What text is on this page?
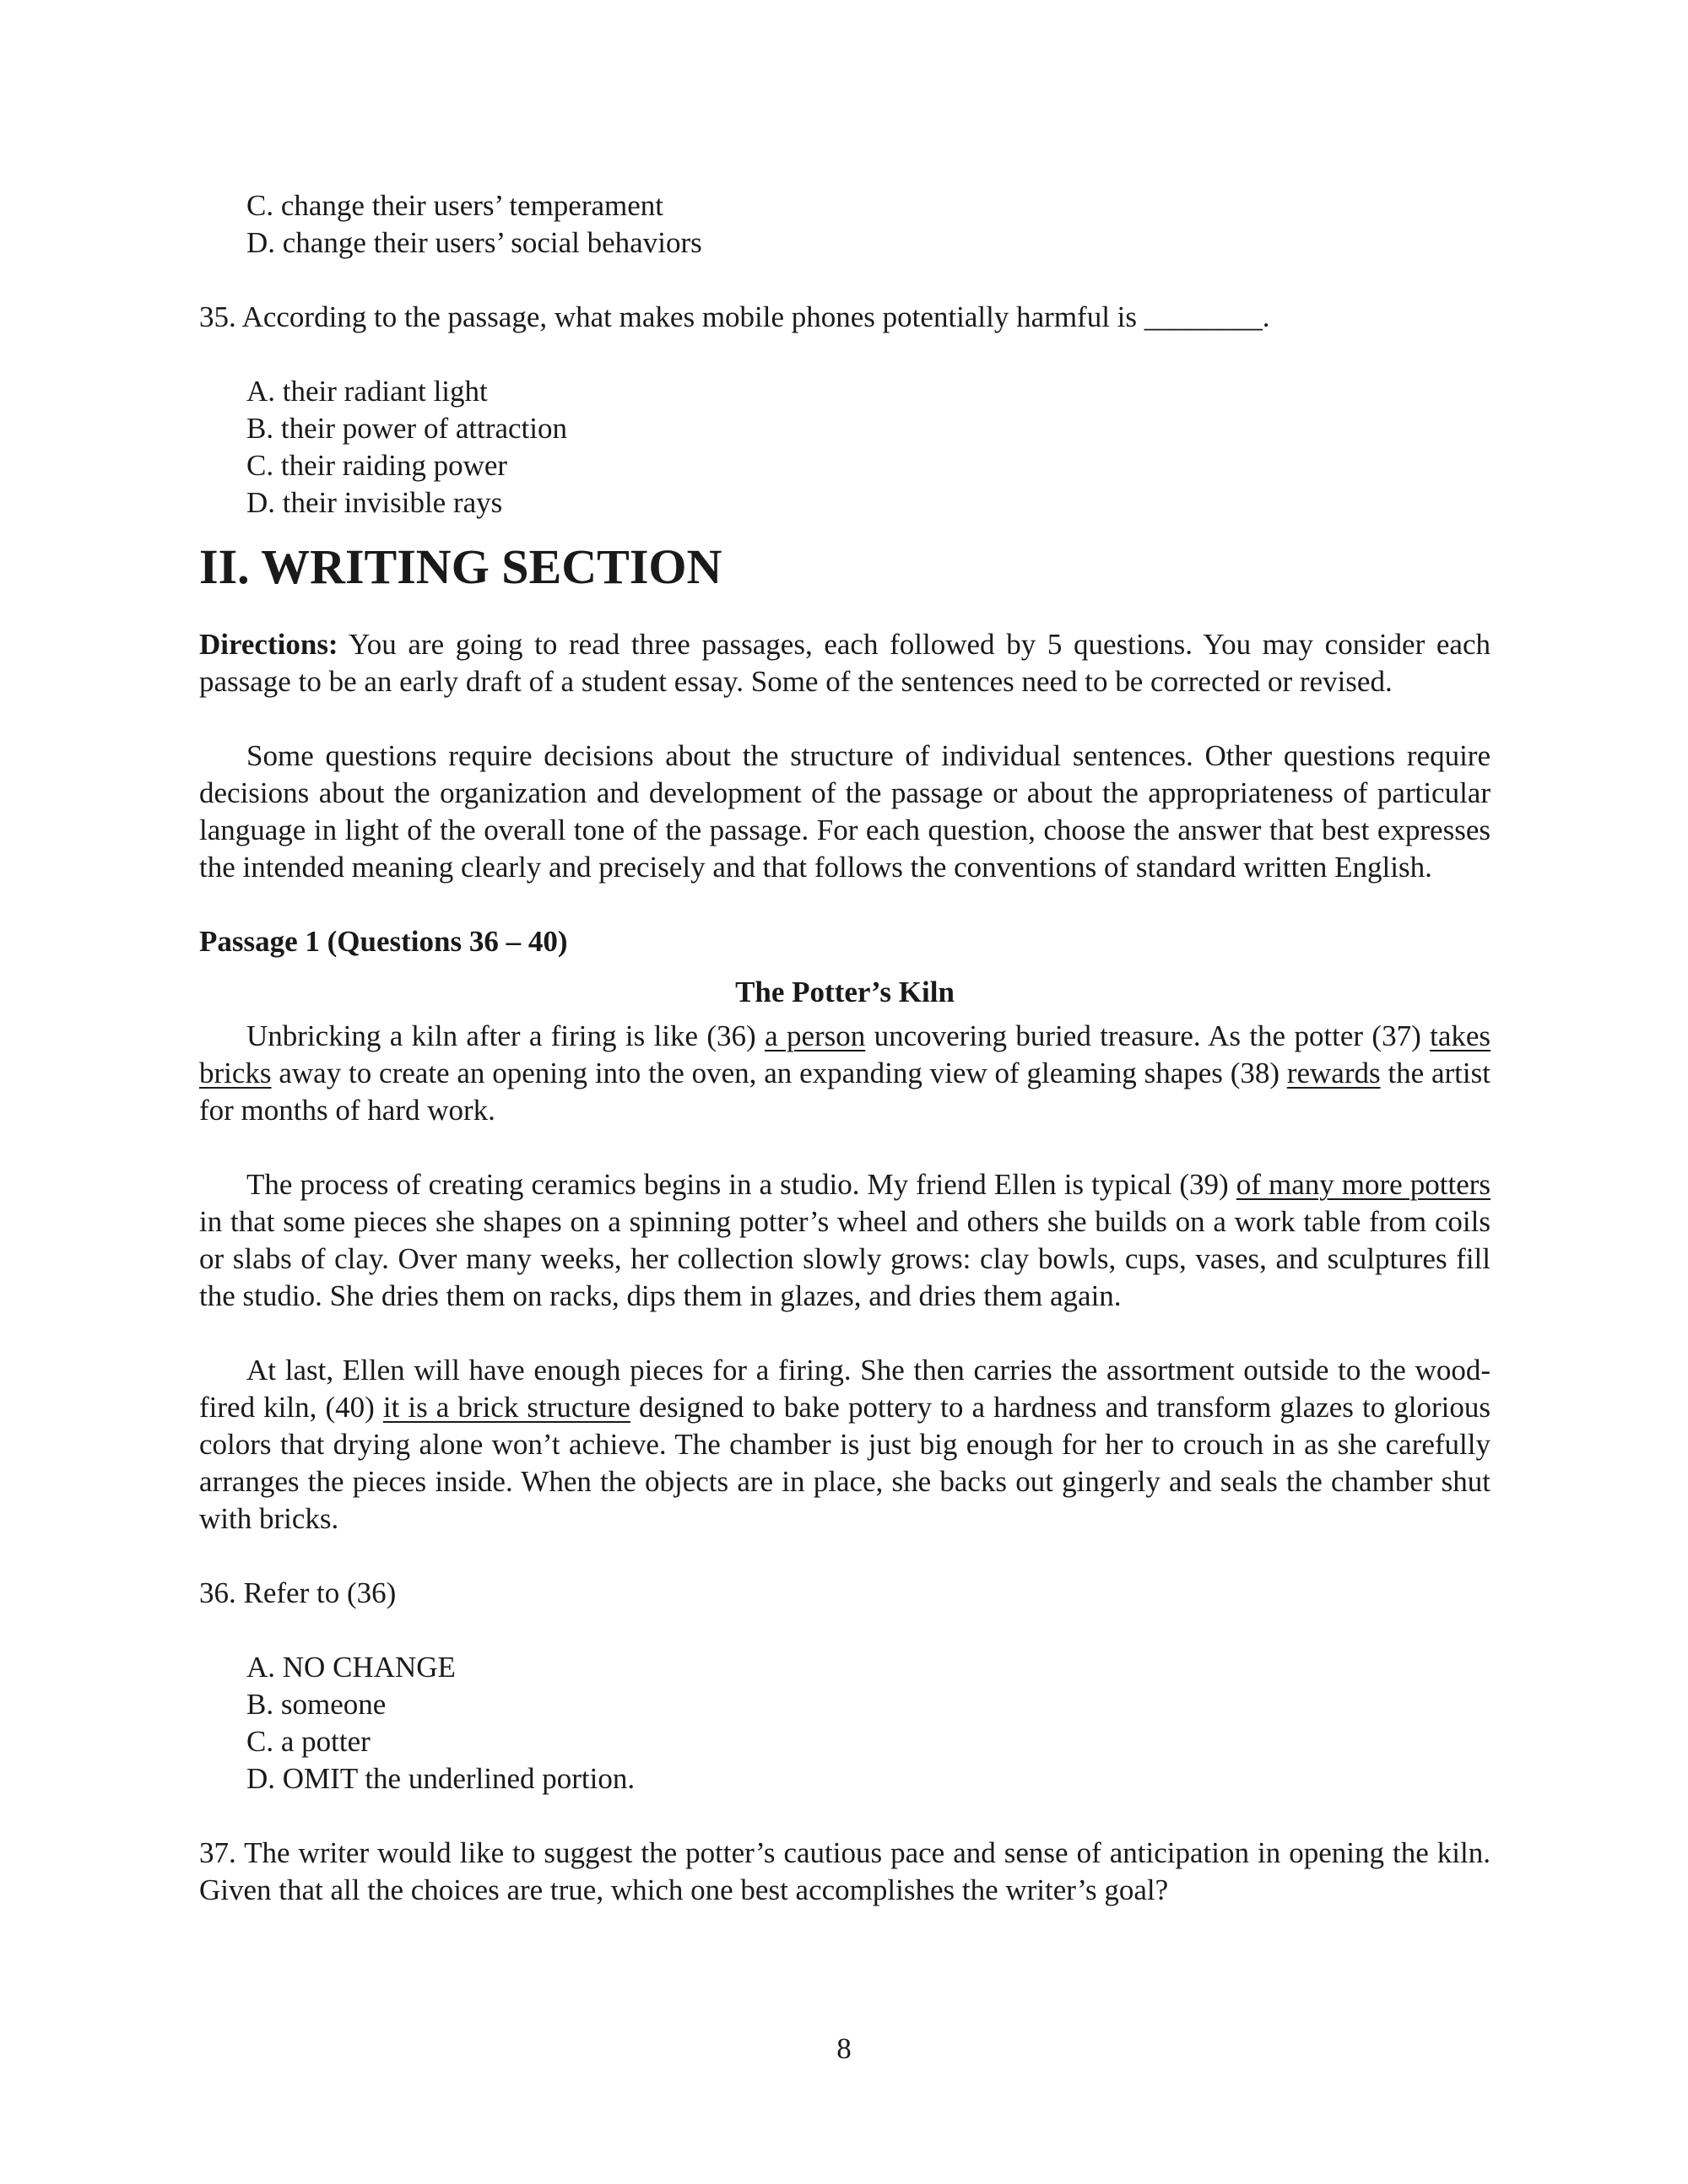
C. change their users’ temperament
D. change their users’ social behaviors
35. According to the passage, what makes mobile phones potentially harmful is ________.
A. their radiant light
B. their power of attraction
C. their raiding power
D. their invisible rays
II. WRITING SECTION
Directions: You are going to read three passages, each followed by 5 questions. You may consider each passage to be an early draft of a student essay. Some of the sentences need to be corrected or revised.
Some questions require decisions about the structure of individual sentences. Other questions require decisions about the organization and development of the passage or about the appropriateness of particular language in light of the overall tone of the passage. For each question, choose the answer that best expresses the intended meaning clearly and precisely and that follows the conventions of standard written English.
Passage 1 (Questions 36 – 40)
The Potter’s Kiln
Unbricking a kiln after a firing is like (36) a person uncovering buried treasure. As the potter (37) takes bricks away to create an opening into the oven, an expanding view of gleaming shapes (38) rewards the artist for months of hard work.
The process of creating ceramics begins in a studio. My friend Ellen is typical (39) of many more potters in that some pieces she shapes on a spinning potter’s wheel and others she builds on a work table from coils or slabs of clay. Over many weeks, her collection slowly grows: clay bowls, cups, vases, and sculptures fill the studio. She dries them on racks, dips them in glazes, and dries them again.
At last, Ellen will have enough pieces for a firing. She then carries the assortment outside to the wood-fired kiln, (40) it is a brick structure designed to bake pottery to a hardness and transform glazes to glorious colors that drying alone won’t achieve. The chamber is just big enough for her to crouch in as she carefully arranges the pieces inside. When the objects are in place, she backs out gingerly and seals the chamber shut with bricks.
36. Refer to (36)
A. NO CHANGE
B. someone
C. a potter
D. OMIT the underlined portion.
37. The writer would like to suggest the potter’s cautious pace and sense of anticipation in opening the kiln. Given that all the choices are true, which one best accomplishes the writer’s goal?
8
